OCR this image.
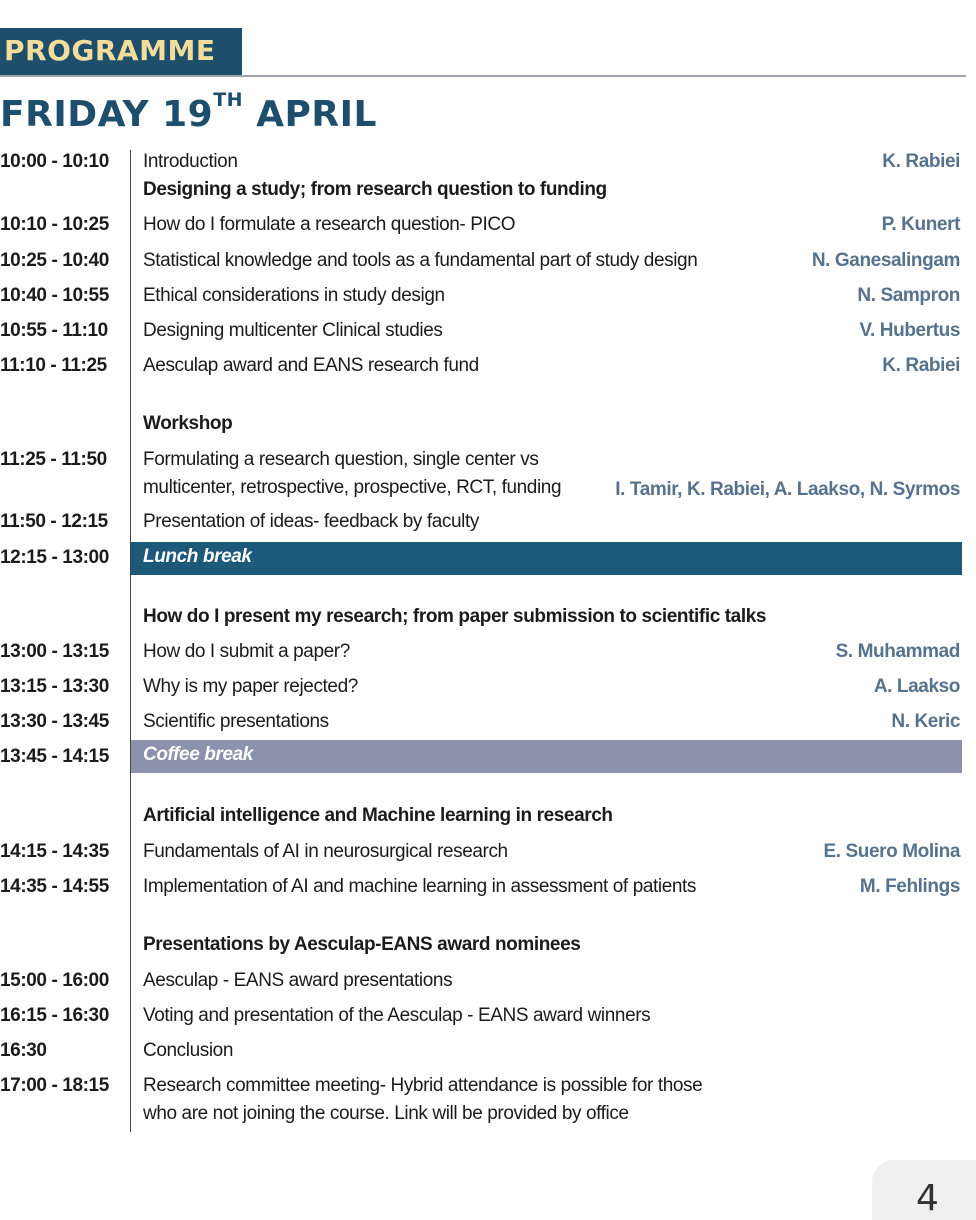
PROGRAMME
FRIDAY 19TH APRIL
10:00 - 10:10	Introduction	K. Rabiei
Designing a study; from research question to funding
10:10 - 10:25	How do I formulate a research question- PICO	P. Kunert
10:25 - 10:40	Statistical knowledge and tools as a fundamental part of study design	N. Ganesalingam
10:40 - 10:55	Ethical considerations in study design	N. Sampron
10:55 - 11:10	Designing multicenter Clinical studies	V. Hubertus
11:10 - 11:25	Aesculap award and EANS research fund	K. Rabiei
Workshop
11:25 - 11:50	Formulating a research question, single center vs
multicenter, retrospective, prospective, RCT, funding	I. Tamir, K. Rabiei, A. Laakso, N. Syrmos
11:50 - 12:15	Presentation of ideas- feedback by faculty
12:15 - 13:00	Lunch break
How do I present my research; from paper submission to scientific talks
13:00 - 13:15	How do I submit a paper?	S. Muhammad
13:15 - 13:30	Why is my paper rejected?	A. Laakso
13:30 - 13:45	Scientific presentations	N. Keric
13:45 - 14:15	Coffee break
Artificial intelligence and Machine learning in research
14:15 - 14:35	Fundamentals of AI in neurosurgical research	E. Suero Molina
14:35 - 14:55	Implementation of AI and machine learning in assessment of patients	M. Fehlings
Presentations by Aesculap-EANS award nominees
15:00 - 16:00	Aesculap - EANS award presentations
16:15 - 16:30	Voting and presentation of the Aesculap - EANS award winners
16:30	Conclusion
17:00 - 18:15	Research committee meeting- Hybrid attendance is possible for those
who are not joining the course. Link will be provided by office
4
